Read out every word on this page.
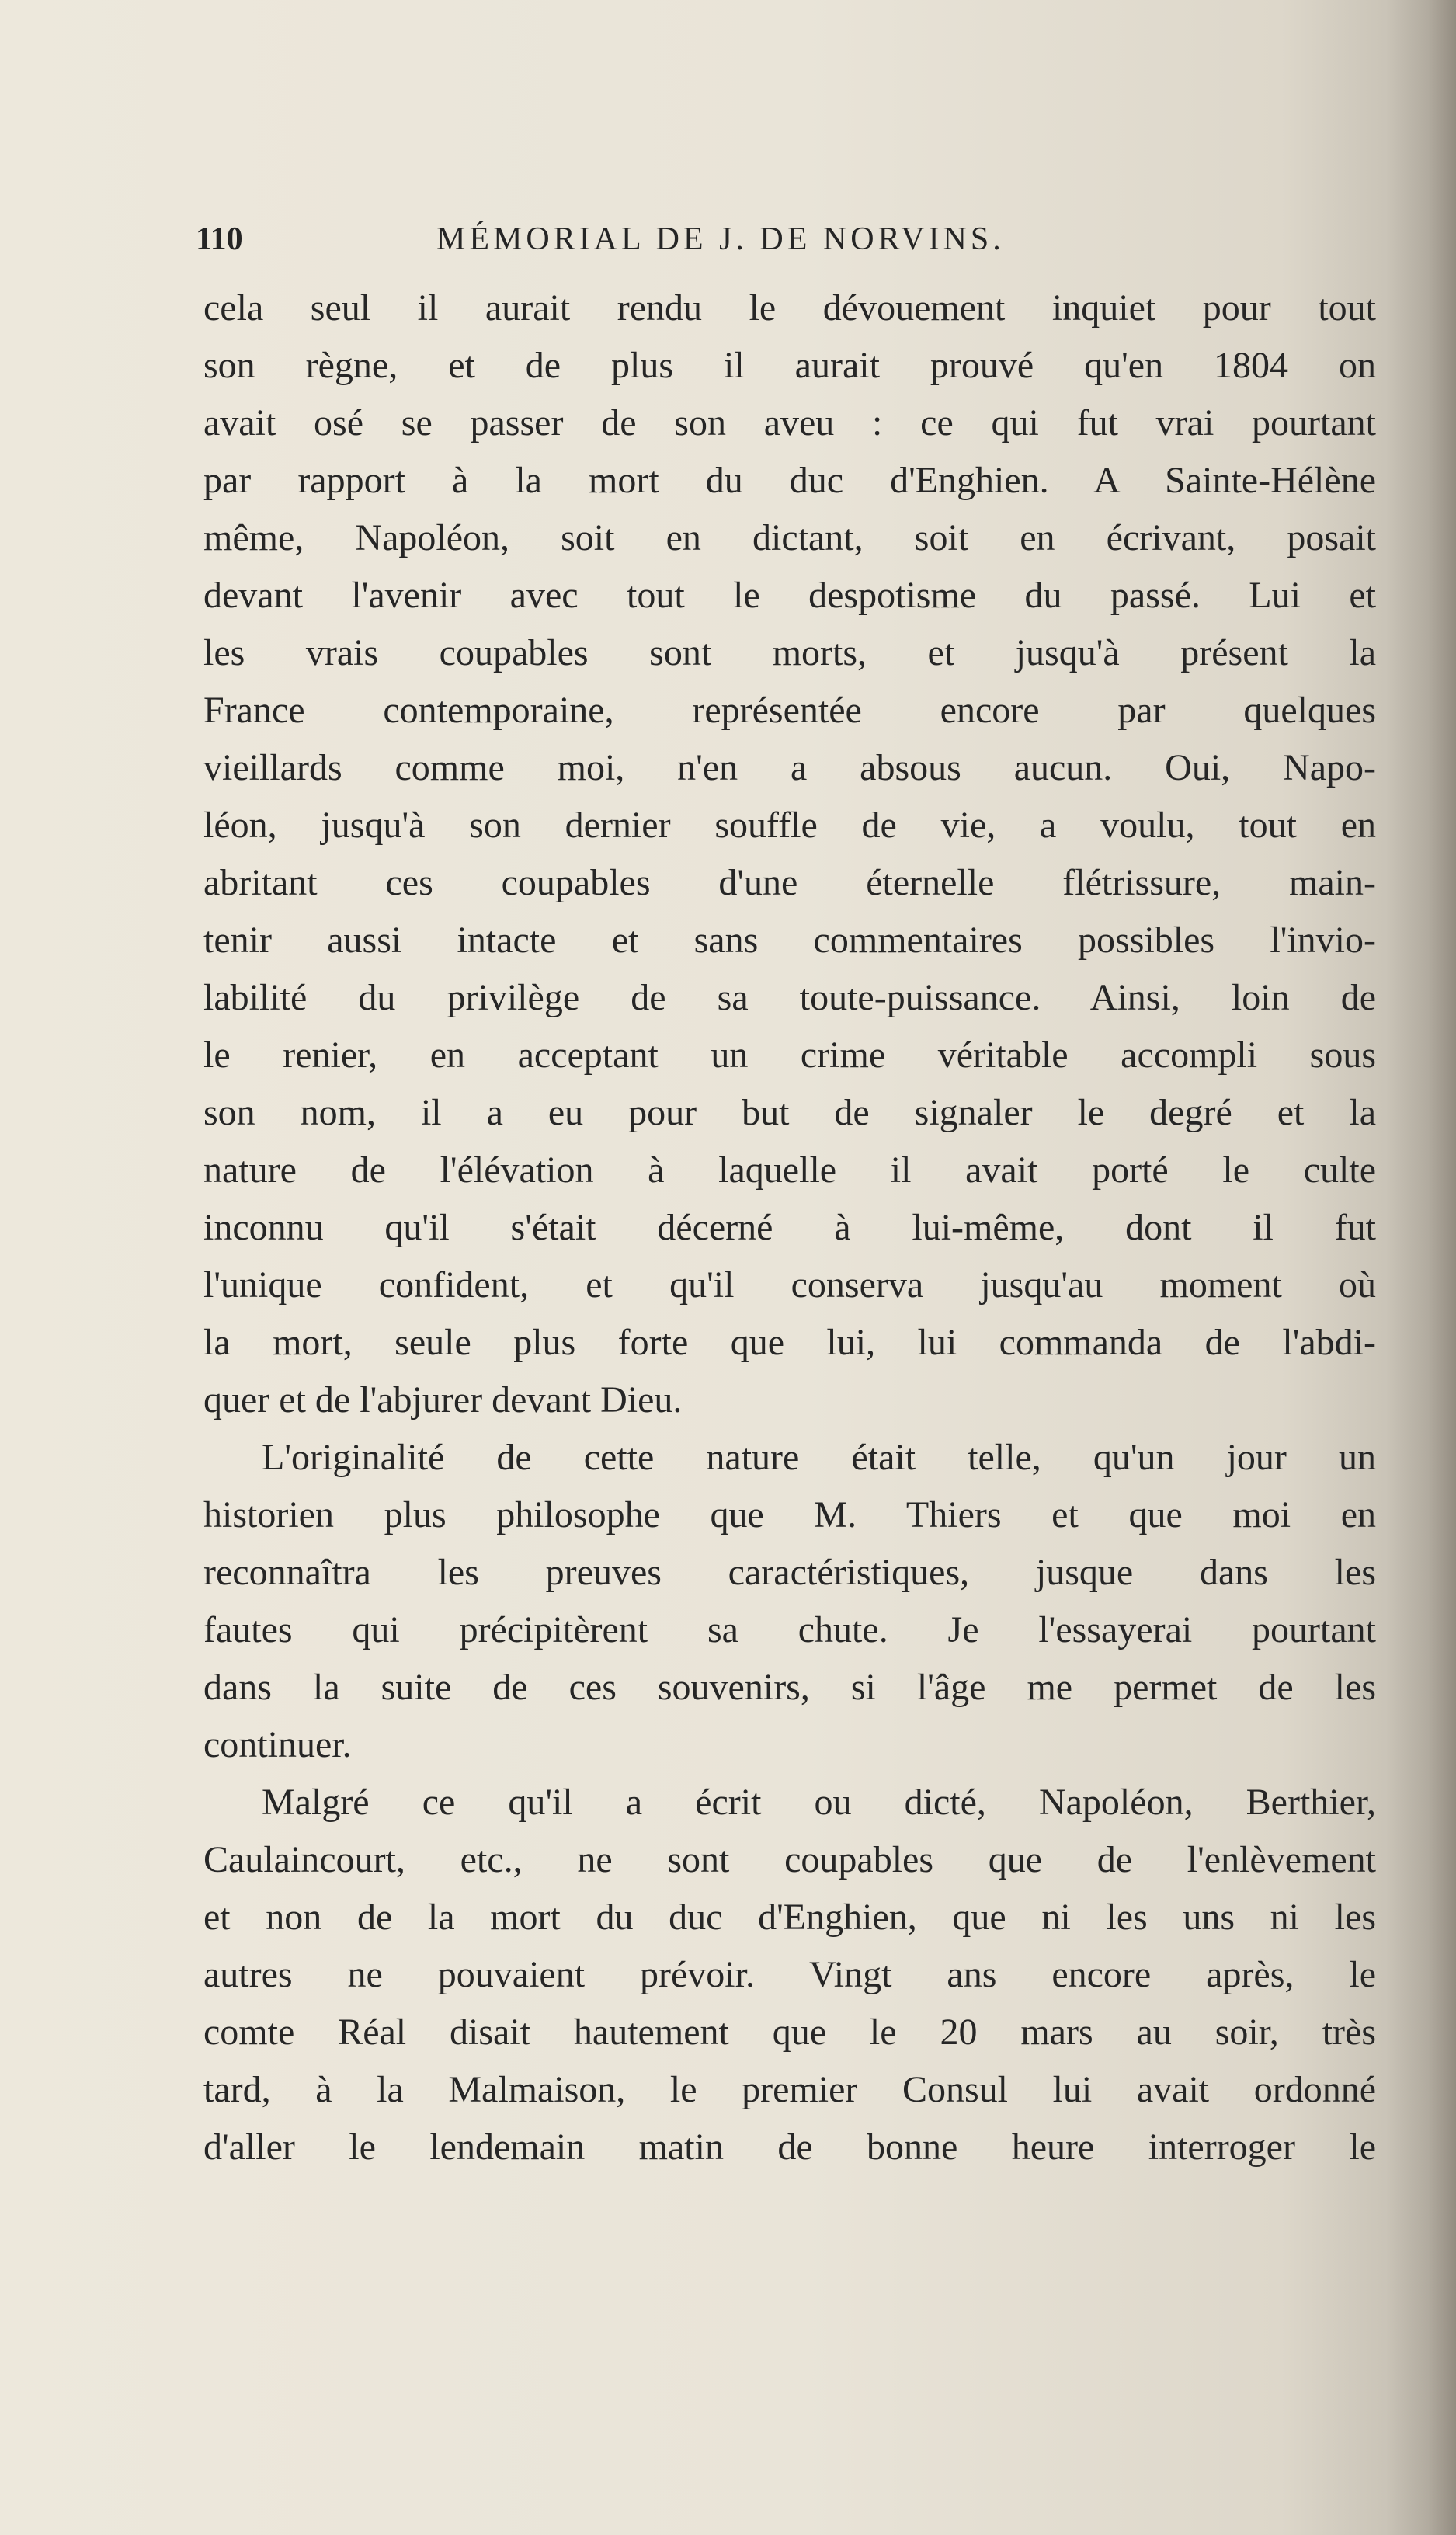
110	MÉMORIAL DE J. DE NORVINS.
cela seul il aurait rendu le dévouement inquiet pour tout
son règne, et de plus il aurait prouvé qu'en 1804 on
avait osé se passer de son aveu : ce qui fut vrai pourtant
par rapport à la mort du duc d'Enghien. A Sainte-Hélène
même, Napoléon, soit en dictant, soit en écrivant, posait
devant l'avenir avec tout le despotisme du passé. Lui et
les vrais coupables sont morts, et jusqu'à présent la
France contemporaine, représentée encore par quelques
vieillards comme moi, n'en a absous aucun. Oui, Napo-
léon, jusqu'à son dernier souffle de vie, a voulu, tout en
abritant ces coupables d'une éternelle flétrissure, main-
tenir aussi intacte et sans commentaires possibles l'invio-
labilité du privilège de sa toute-puissance. Ainsi, loin de
le renier, en acceptant un crime véritable accompli sous
son nom, il a eu pour but de signaler le degré et la
nature de l'élévation à laquelle il avait porté le culte
inconnu qu'il s'était décerné à lui-même, dont il fut
l'unique confident, et qu'il conserva jusqu'au moment où
la mort, seule plus forte que lui, lui commanda de l'abdi-
quer et de l'abjurer devant Dieu.
L'originalité de cette nature était telle, qu'un jour un
historien plus philosophe que M. Thiers et que moi en
reconnaîtra les preuves caractéristiques, jusque dans les
fautes qui précipitèrent sa chute. Je l'essayerai pourtant
dans la suite de ces souvenirs, si l'âge me permet de les
continuer.
Malgré ce qu'il a écrit ou dicté, Napoléon, Berthier,
Caulaincourt, etc., ne sont coupables que de l'enlèvement
et non de la mort du duc d'Enghien, que ni les uns ni les
autres ne pouvaient prévoir. Vingt ans encore après, le
comte Réal disait hautement que le 20 mars au soir, très
tard, à la Malmaison, le premier Consul lui avait ordonné
d'aller le lendemain matin de bonne heure interroger le
